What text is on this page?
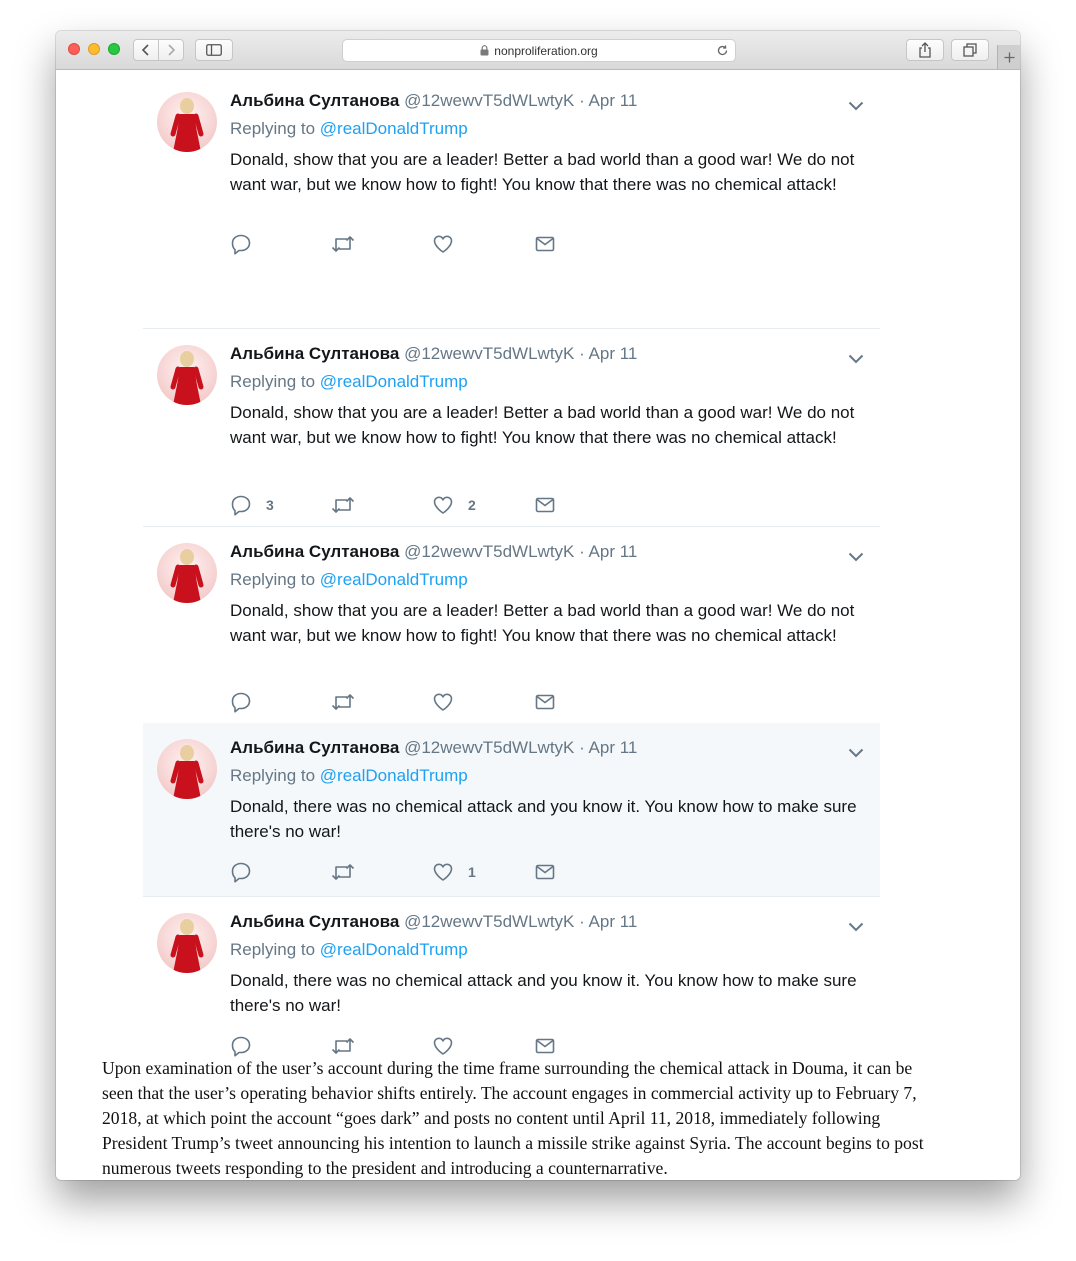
nonproliferation.org
Альбина Султанова @12wewvT5dWLwtyK · Apr 11
Replying to @realDonaldTrump
Donald, show that you are a leader! Better a bad world than a good war! We do not want war, but we know how to fight! You know that there was no chemical attack!
Альбина Султанова @12wewvT5dWLwtyK · Apr 11
Replying to @realDonaldTrump
Donald, show that you are a leader! Better a bad world than a good war! We do not want war, but we know how to fight! You know that there was no chemical attack!
3	2
Альбина Султанова @12wewvT5dWLwtyK · Apr 11
Replying to @realDonaldTrump
Donald, show that you are a leader! Better a bad world than a good war! We do not want war, but we know how to fight! You know that there was no chemical attack!
Альбина Султанова @12wewvT5dWLwtyK · Apr 11
Replying to @realDonaldTrump
Donald, there was no chemical attack and you know it. You know how to make sure there's no war!
1
Альбина Султанова @12wewvT5dWLwtyK · Apr 11
Replying to @realDonaldTrump
Donald, there was no chemical attack and you know it. You know how to make sure there's no war!

Upon examination of the user’s account during the time frame surrounding the chemical attack in Douma, it can be seen that the user’s operating behavior shifts entirely. The account engages in commercial activity up to February 7, 2018, at which point the account “goes dark” and posts no content until April 11, 2018, immediately following President Trump’s tweet announcing his intention to launch a missile strike against Syria. The account begins to post numerous tweets responding to the president and introducing a counternarrative.
